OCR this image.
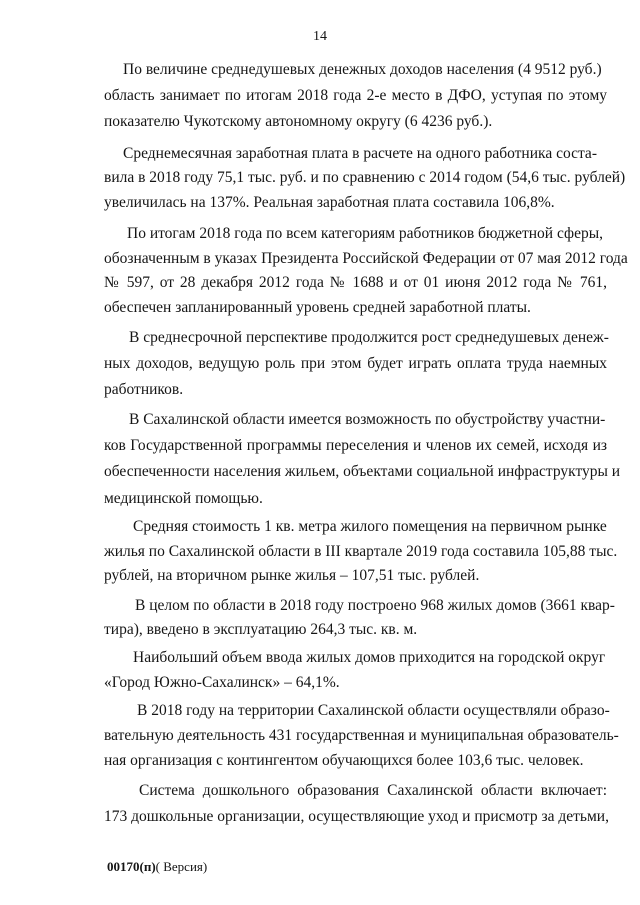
14
По величине среднедушевых денежных доходов населения (4 9512 руб.)
область занимает по итогам 2018 года 2-е место в ДФО, уступая по этому
показателю Чукотскому автономному округу (6 4236 руб.).
Среднемесячная заработная плата в расчете на одного работника соста-
вила в 2018 году 75,1 тыс. руб. и по сравнению с 2014 годом (54,6 тыс. рублей)
увеличилась на 137%. Реальная заработная плата составила 106,8%.
По итогам 2018 года по всем категориям работников бюджетной сферы,
обозначенным в указах Президента Российской Федерации от 07 мая 2012 года
№ 597, от 28 декабря 2012 года № 1688 и от 01 июня 2012 года № 761,
обеспечен запланированный уровень средней заработной платы.
В среднесрочной перспективе продолжится рост среднедушевых денеж-
ных доходов, ведущую роль при этом будет играть оплата труда наемных
работников.
В Сахалинской области имеется возможность по обустройству участни-
ков Государственной программы переселения и членов их семей, исходя из
обеспеченности населения жильем, объектами социальной инфраструктуры и
медицинской помощью.
Средняя стоимость 1 кв. метра жилого помещения на первичном рынке
жилья по Сахалинской области в III квартале 2019 года составила 105,88 тыс.
рублей, на вторичном рынке жилья – 107,51 тыс. рублей.
В целом по области в 2018 году построено 968 жилых домов (3661 квар-
тира), введено в эксплуатацию 264,3 тыс. кв. м.
Наибольший объем ввода жилых домов приходится на городской округ
«Город Южно-Сахалинск» – 64,1%.
В 2018 году на территории Сахалинской области осуществляли образо-
вательную деятельность 431 государственная и муниципальная образователь-
ная организация с контингентом обучающихся более 103,6 тыс. человек.
Система дошкольного образования Сахалинской области включает:
173 дошкольные организации, осуществляющие уход и присмотр за детьми,
00170(п)( Версия)
